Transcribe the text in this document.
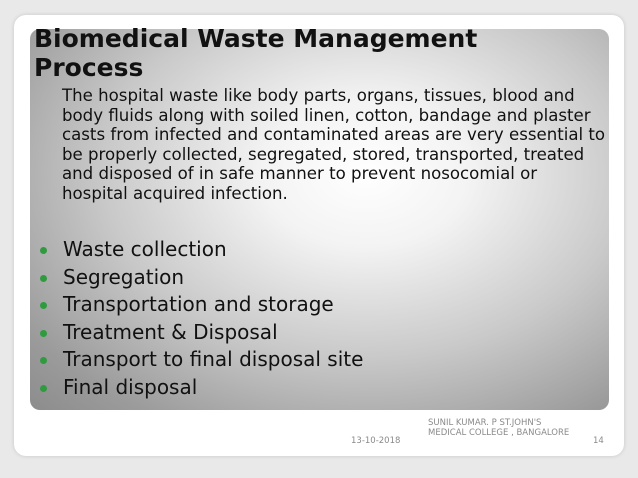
Biomedical Waste Management Process

The hospital waste like body parts, organs, tissues, blood and body fluids along with soiled linen, cotton, bandage and plaster casts from infected and contaminated areas are very essential to be properly collected, segregated, stored, transported, treated and disposed of in safe manner to prevent nosocomial or hospital acquired infection.

Waste collection
Segregation
Transportation and storage
Treatment & Disposal
Transport to final disposal site
Final disposal
13-10-2018
SUNIL KUMAR. P ST.JOHN'S MEDICAL COLLEGE , BANGALORE
14
